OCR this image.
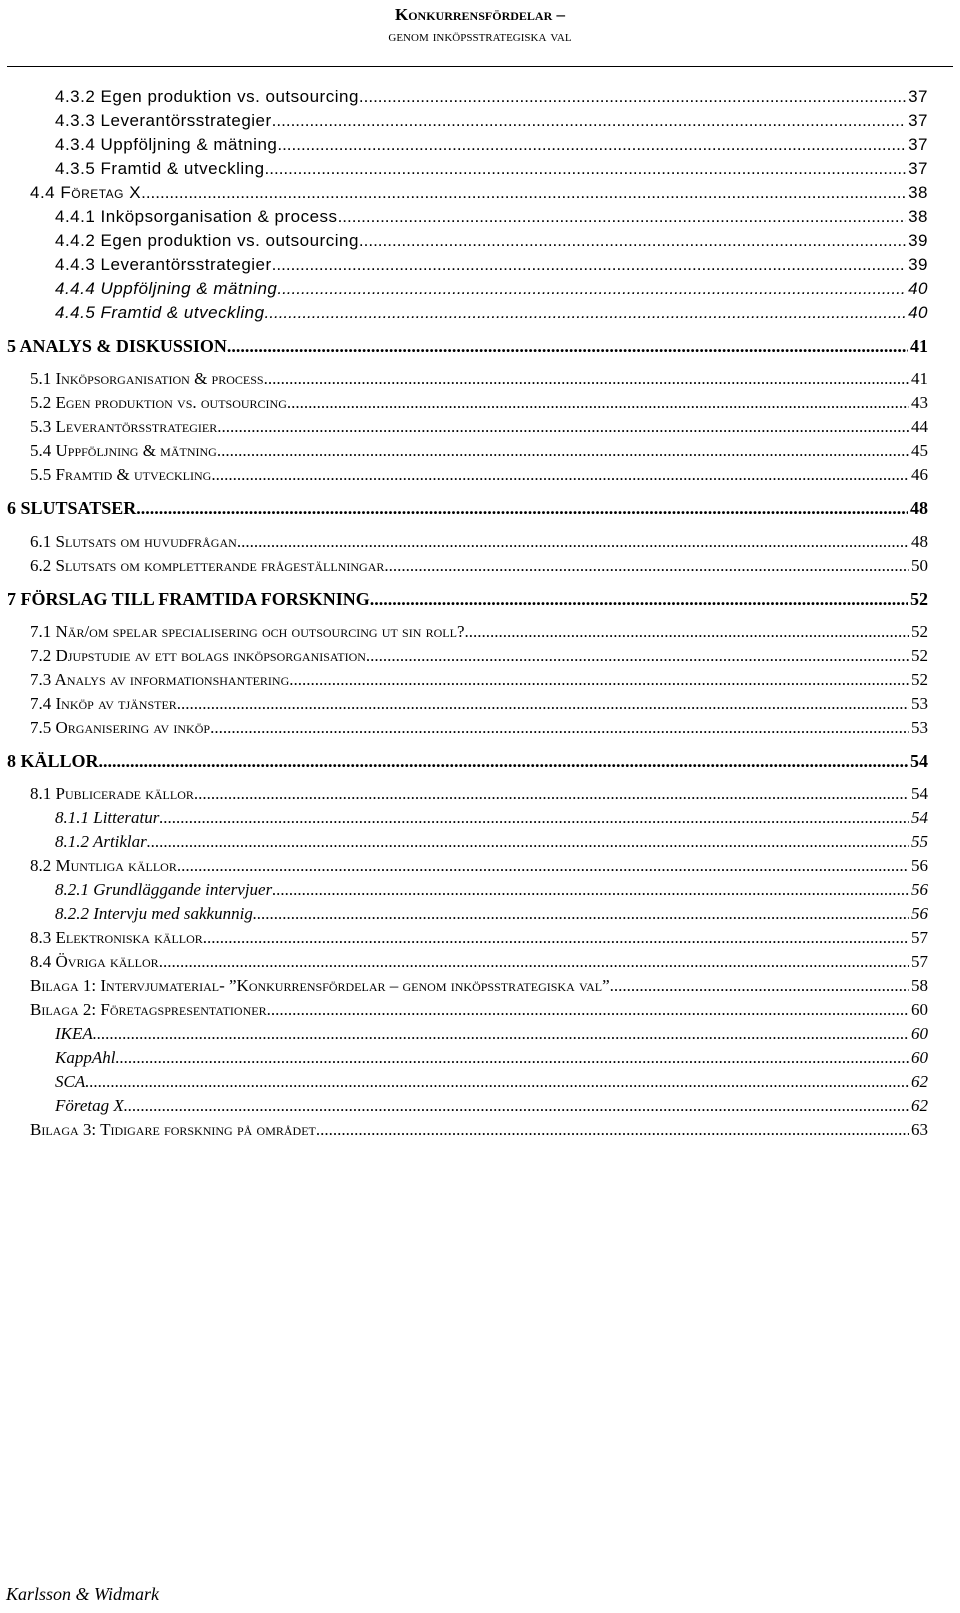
Konkurrensfördelar –
genom inköpsstrategiska val
4.3.2 Egen produktion vs. outsourcing .....	37
4.3.3 Leverantörsstrategier .....	37
4.3.4 Uppföljning & mätning .....	37
4.3.5 Framtid & utveckling .....	37
4.4 Företag X .....	38
4.4.1 Inköpsorganisation & process .....	38
4.4.2 Egen produktion vs. outsourcing .....	39
4.4.3 Leverantörsstrategier .....	39
4.4.4 Uppföljning & mätning .....	40
4.4.5 Framtid & utveckling .....	40
5 ANALYS & DISKUSSION .....	41
5.1 Inköpsorganisation & process .....	41
5.2 Egen produktion vs. outsourcing .....	43
5.3 Leverantörsstrategier .....	44
5.4 Uppföljning & mätning .....	45
5.5 Framtid & utveckling .....	46
6 SLUTSATSER .....	48
6.1 Slutsats om huvudfrågan .....	48
6.2 Slutsats om kompletterande frågeställningar .....	50
7 FÖRSLAG TILL FRAMTIDA FORSKNING .....	52
7.1 När/om spelar specialisering och outsourcing ut sin roll? .....	52
7.2 Djupstudie av ett bolags inköpsorganisation .....	52
7.3 Analys av informationshantering .....	52
7.4 Inköp av tjänster .....	53
7.5 Organisering av inköp .....	53
8 KÄLLOR .....	54
8.1 Publicerade källor .....	54
8.1.1 Litteratur .....	54
8.1.2 Artiklar .....	55
8.2 Muntliga källor .....	56
8.2.1 Grundläggande intervjuer .....	56
8.2.2 Intervju med sakkunnig .....	56
8.3 Elektroniska källor .....	57
8.4 Övriga källor .....	57
Bilaga 1: Intervjumaterial- ”Konkurrensfördelar – genom inköpsstrategiska val” .....	58
Bilaga 2: Företagspresentationer .....	60
IKEA .....	60
KappAhl .....	60
SCA .....	62
Företag X .....	62
Bilaga 3: Tidigare forskning på området .....	63
Karlsson & Widmark
